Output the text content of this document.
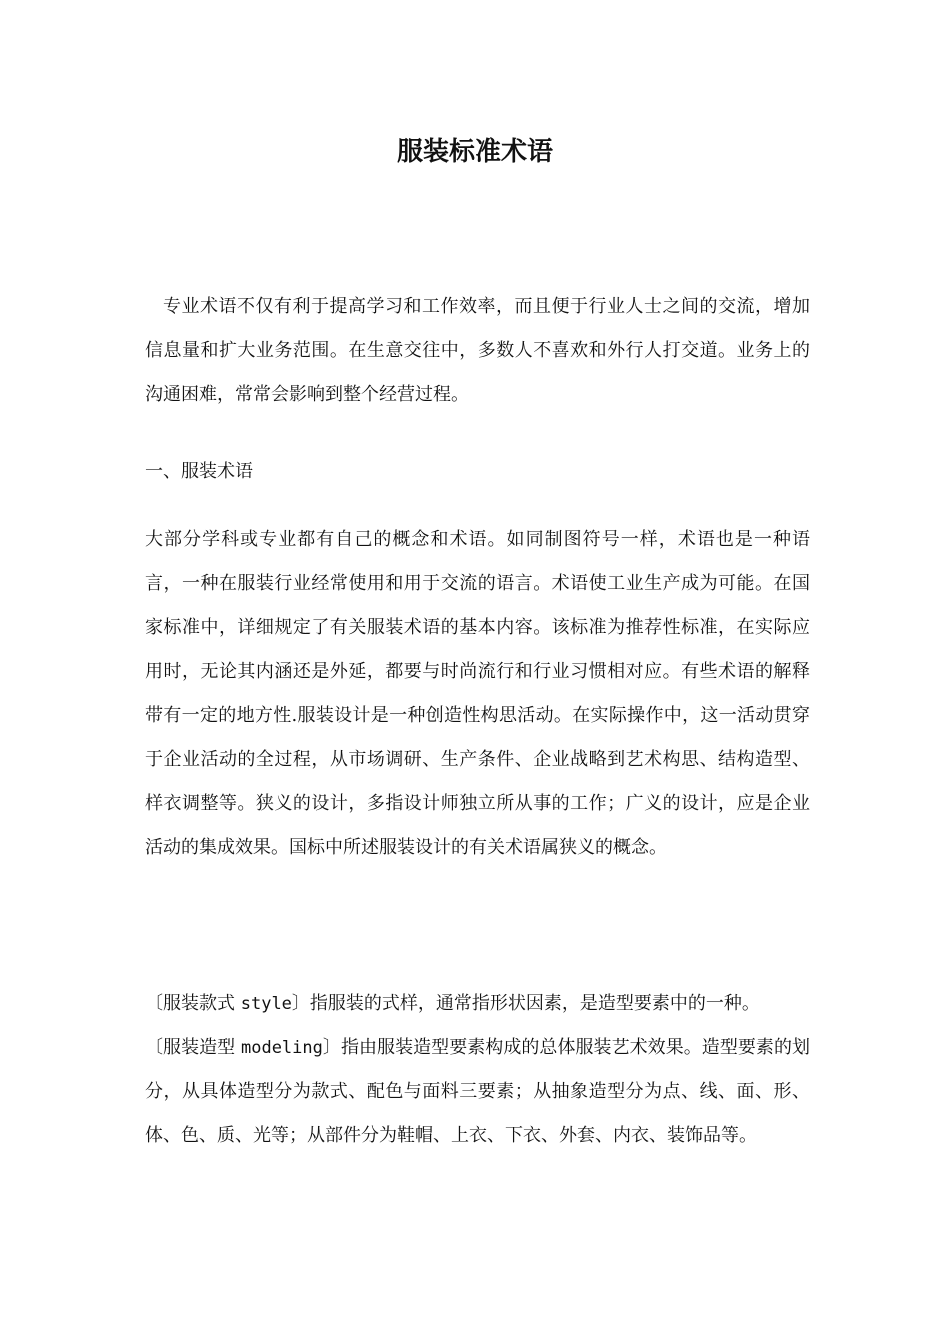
服装标准术语

专业术语不仅有利于提高学习和工作效率，而且便于行业人士之间的交流，增加信息量和扩大业务范围。在生意交往中，多数人不喜欢和外行人打交道。业务上的沟通困难，常常会影响到整个经营过程。

一、服装术语

大部分学科或专业都有自己的概念和术语。如同制图符号一样，术语也是一种语言，一种在服装行业经常使用和用于交流的语言。术语使工业生产成为可能。在国家标准中，详细规定了有关服装术语的基本内容。该标准为推荐性标准，在实际应用时，无论其内涵还是外延，都要与时尚流行和行业习惯相对应。有些术语的解释带有一定的地方性.服装设计是一种创造性构思活动。在实际操作中，这一活动贯穿于企业活动的全过程，从市场调研、生产条件、企业战略到艺术构思、结构造型、样衣调整等。狭义的设计，多指设计师独立所从事的工作；广义的设计，应是企业活动的集成效果。国标中所述服装设计的有关术语属狭义的概念。

〔服装款式 style〕指服装的式样，通常指形状因素，是造型要素中的一种。

〔服装造型 modeling〕指由服装造型要素构成的总体服装艺术效果。造型要素的划分，从具体造型分为款式、配色与面料三要素；从抽象造型分为点、线、面、形、体、色、质、光等；从部件分为鞋帽、上衣、下衣、外套、内衣、装饰品等。
